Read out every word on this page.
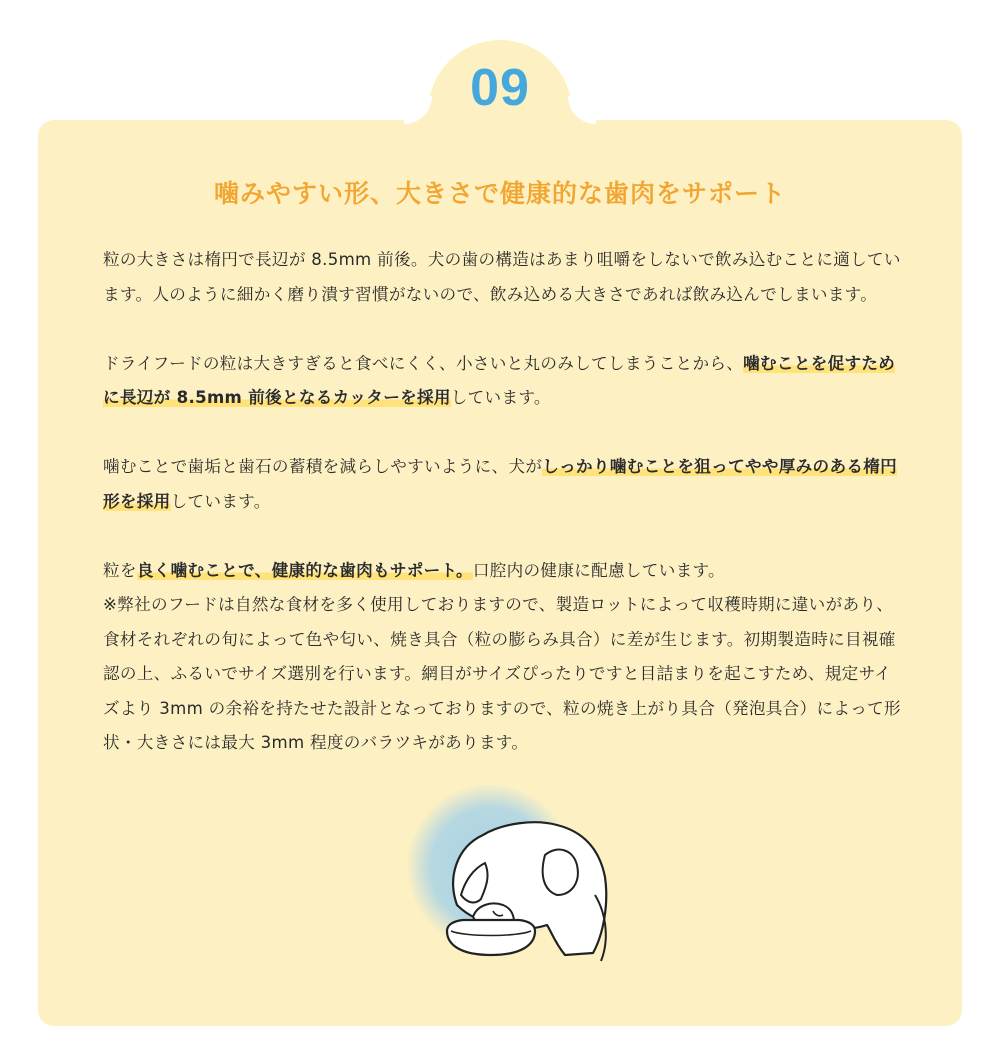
09
噛みやすい形、大きさで健康的な歯肉をサポート

粒の大きさは楕円で長辺が 8.5mm 前後。犬の歯の構造はあまり咀嚼をしないで飲み込むことに適しています。人のように細かく磨り潰す習慣がないので、飲み込める大きさであれば飲み込んでしまいます。

ドライフードの粒は大きすぎると食べにくく、小さいと丸のみしてしまうことから、噛むことを促すために長辺が 8.5mm 前後となるカッターを採用しています。

噛むことで歯垢と歯石の蓄積を減らしやすいように、犬がしっかり噛むことを狙ってやや厚みのある楕円形を採用しています。

粒を良く噛むことで、健康的な歯肉もサポート。口腔内の健康に配慮しています。

※弊社のフードは自然な食材を多く使用しておりますので、製造ロットによって収穫時期に違いがあり、食材それぞれの旬によって色や匂い、焼き具合（粒の膨らみ具合）に差が生じます。初期製造時に目視確認の上、ふるいでサイズ選別を行います。網目がサイズぴったりですと目詰まりを起こすため、規定サイズより 3mm の余裕を持たせた設計となっておりますので、粒の焼き上がり具合（発泡具合）によって形状・大きさには最大 3mm 程度のバラツキがあります。
